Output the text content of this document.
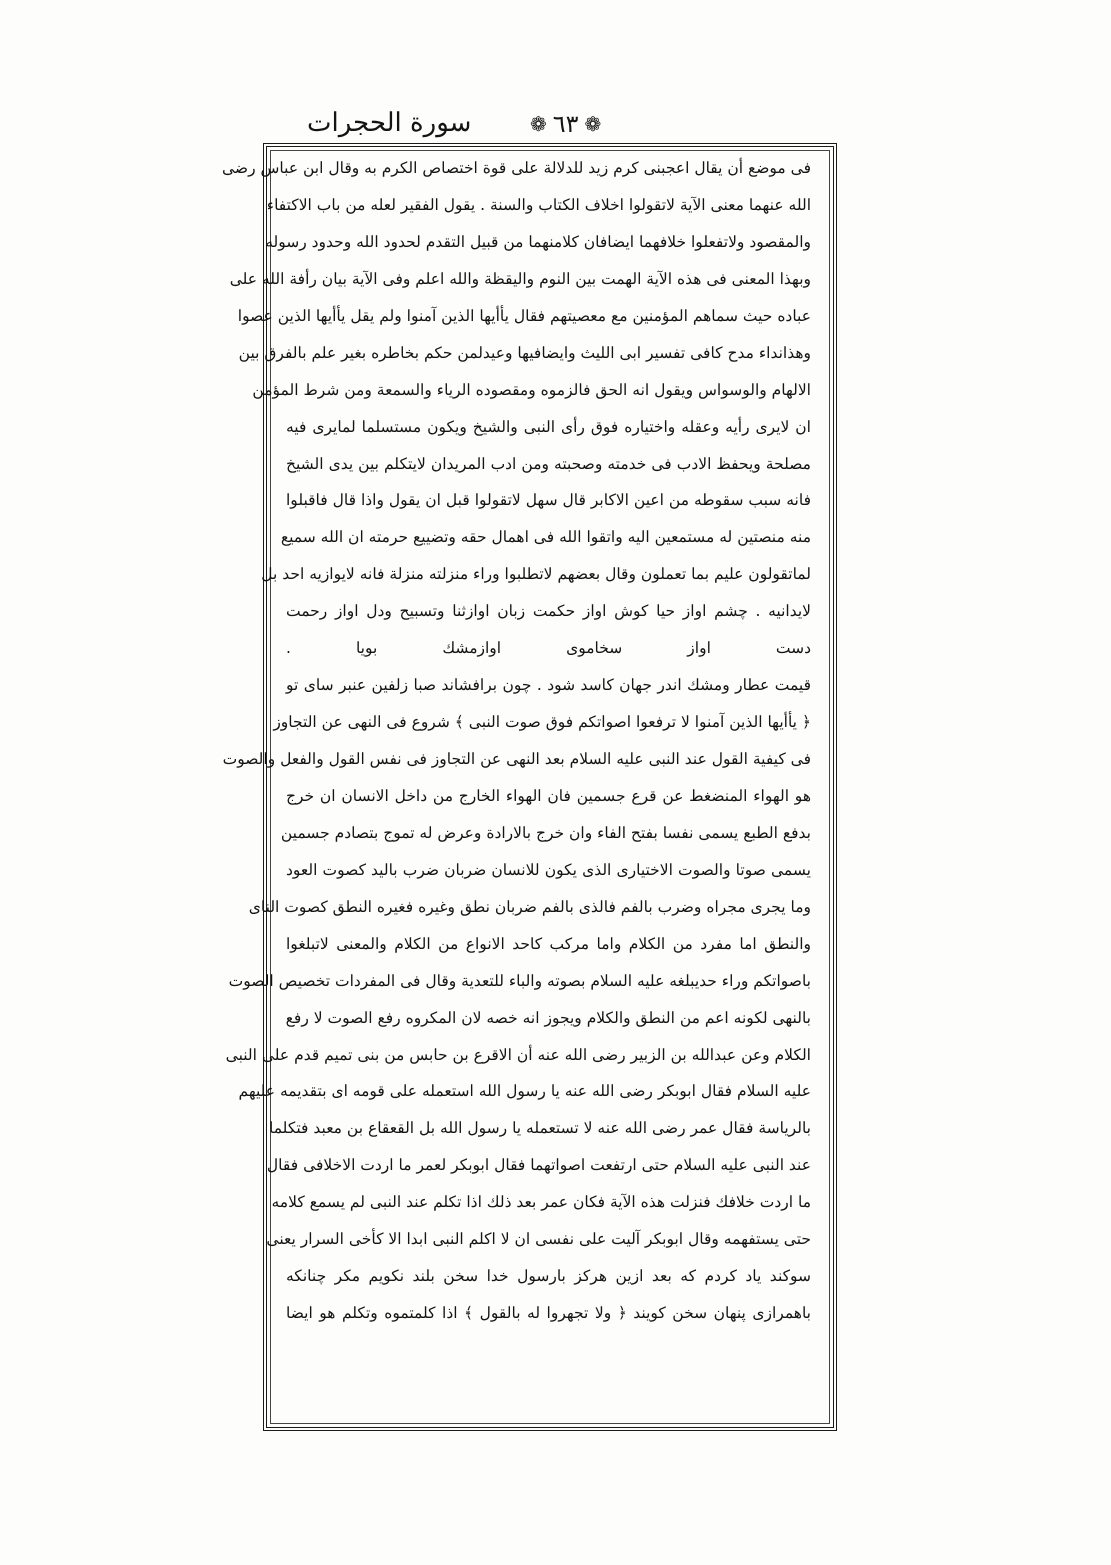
سورة الحجرات	❁ ٦٣ ❁
فى موضع أن يقال اعجبنى كرم زيد للدلالة على قوة اختصاص الكرم به وقال ابن عباس رضى
الله عنهما معنى الآية لاتقولوا اخلاف الكتاب والسنة . يقول الفقير لعله من باب الاكتفاء
والمقصود ولاتفعلوا خلافهما ايضافان كلامنهما من قبيل التقدم لحدود الله وحدود رسوله
وبهذا المعنى فى هذه الآية الهمت بين النوم واليقظة والله اعلم وفى الآية بيان رأفة الله على
عباده حيث سماهم المؤمنين مع معصيتهم فقال يأأيها الذين آمنوا ولم يقل يأأيها الذين عصوا
وهذانداء مدح كافى تفسير ابى الليث وايضافيها وعيدلمن حكم بخاطره بغير علم بالفرق بين
الالهام والوسواس ويقول انه الحق فالزموه ومقصوده الرياء والسمعة ومن شرط المؤمن
ان لايرى رأيه وعقله واختياره فوق رأى النبى والشيخ ويكون مستسلما لمايرى فيه
مصلحة ويحفظ الادب فى خدمته وصحبته ومن ادب المريدان لايتكلم بين يدى الشيخ
فانه سبب سقوطه من اعين الاكابر قال سهل لاتقولوا قبل ان يقول واذا قال فاقبلوا
منه منصتين له مستمعين اليه واتقوا الله فى اهمال حقه وتضييع حرمته ان الله سميع
لماتقولون عليم بما تعملون وقال بعضهم لاتطلبوا وراء منزلته منزلة فانه لايوازيه احد بل
لايدانيه . چشم اواز حيا كوش اواز حكمت زبان اوازثنا وتسبيح ودل اواز رحمت
دست اواز سخاموى اوازمشك بويا .
قيمت عطار ومشك اندر جهان كاسد شود . چون برافشاند صبا زلفين عنبر ساى تو
﴿ يأأيها الذين آمنوا لا ترفعوا اصواتكم فوق صوت النبى ﴾ شروع فى النهى عن التجاوز
فى كيفية القول عند النبى عليه السلام بعد النهى عن التجاوز فى نفس القول والفعل والصوت
هو الهواء المنضغط عن قرع جسمين فان الهواء الخارج من داخل الانسان ان خرج
بدفع الطبع يسمى نفسا بفتح الفاء وان خرج بالارادة وعرض له تموج بتصادم جسمين
يسمى صوتا والصوت الاختيارى الذى يكون للانسان ضربان ضرب باليد كصوت العود
وما يجرى مجراه وضرب بالفم فالذى بالفم ضربان نطق وغيره فغيره النطق كصوت الناى
والنطق اما مفرد من الكلام واما مركب كاحد الانواع من الكلام والمعنى لاتبلغوا
باصواتكم وراء حديبلغه عليه السلام بصوته والباء للتعدية وقال فى المفردات تخصيص الصوت
بالنهى لكونه اعم من النطق والكلام ويجوز انه خصه لان المكروه رفع الصوت لا رفع
الكلام وعن عبدالله بن الزبير رضى الله عنه أن الاقرع بن حابس من بنى تميم قدم على النبى
عليه السلام فقال ابوبكر رضى الله عنه يا رسول الله استعمله على قومه اى بتقديمه عليهم
بالرياسة فقال عمر رضى الله عنه لا تستعمله يا رسول الله بل القعقاع بن معبد فتكلما
عند النبى عليه السلام حتى ارتفعت اصواتهما فقال ابوبكر لعمر ما اردت الاخلافى فقال
ما اردت خلافك فنزلت هذه الآية فكان عمر بعد ذلك اذا تكلم عند النبى لم يسمع كلامه
حتى يستفهمه وقال ابوبكر آليت على نفسى ان لا اكلم النبى ابدا الا كأخى السرار يعنى
سوكند ياد كردم كه بعد ازين هركز بارسول خدا سخن بلند نكويم مكر چنانكه
باهمرازى پنهان سخن كويند ﴿ ولا تجهروا له بالقول ﴾ اذا كلمتموه وتكلم هو ايضا
